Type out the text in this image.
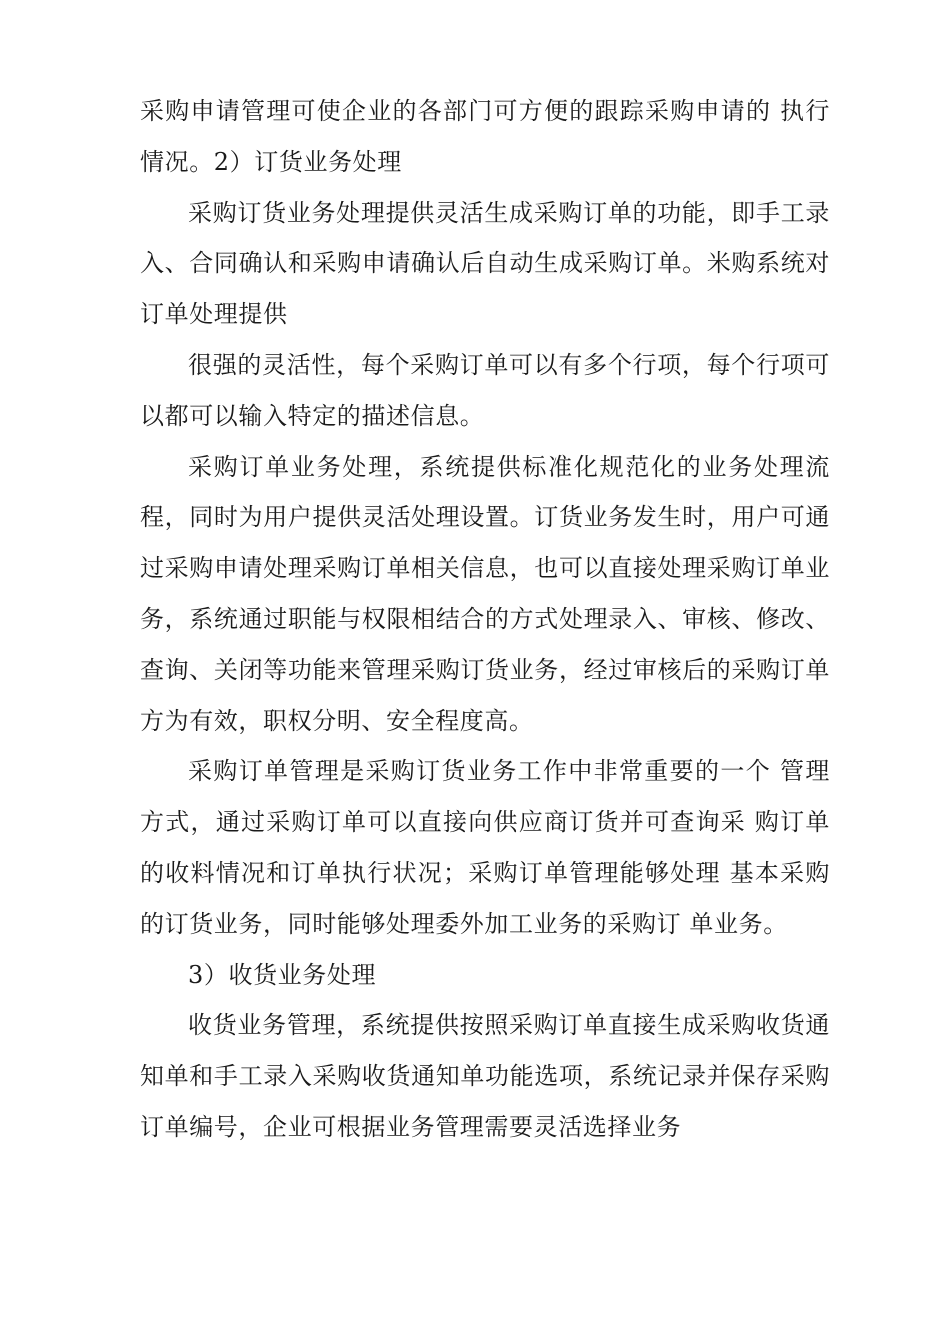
采购申请管理可使企业的各部门可方便的跟踪采购申请的 执行情况。2）订货业务处理

采购订货业务处理提供灵活生成采购订单的功能，即手工录入、合同确认和采购申请确认后自动生成采购订单。米购系统对订单处理提供

很强的灵活性，每个采购订单可以有多个行项，每个行项可以都可以输入特定的描述信息。

采购订单业务处理，系统提供标准化规范化的业务处理流程，同时为用户提供灵活处理设置。订货业务发生时，用户可通过采购申请处理采购订单相关信息，也可以直接处理采购订单业务，系统通过职能与权限相结合的方式处理录入、审核、修改、查询、关闭等功能来管理采购订货业务，经过审核后的采购订单方为有效，职权分明、安全程度高。

采购订单管理是采购订货业务工作中非常重要的一个 管理方式，通过采购订单可以直接向供应商订货并可查询采 购订单的收料情况和订单执行状况；采购订单管理能够处理 基本采购的订货业务，同时能够处理委外加工业务的采购订 单业务。

3）收货业务处理

收货业务管理，系统提供按照采购订单直接生成采购收货通知单和手工录入采购收货通知单功能选项，系统记录并保存采购订单编号，企业可根据业务管理需要灵活选择业务
